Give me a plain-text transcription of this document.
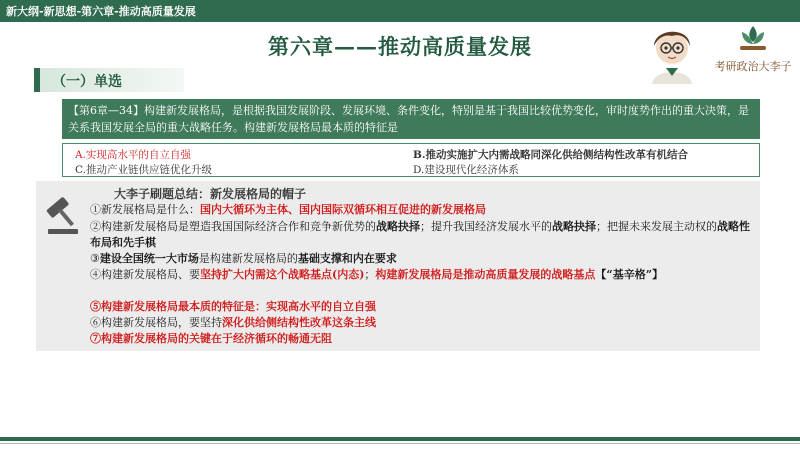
新大纲-新思想-第六章-推动高质量发展
第六章——推动高质量发展
考研政治大李子
（一）单选
【第6章—34】构建新发展格局，是根据我国发展阶段、发展环境、条件变化，特别是基于我国比较优势变化，审时度势作出的重大决策，是关系我国发展全局的重大战略任务。构建新发展格局最本质的特征是
A.实现高水平的自立自强	B.推动实施扩大内需战略同深化供给侧结构性改革有机结合
C.推动产业链供应链优化升级	D.建设现代化经济体系
大李子刷题总结：新发展格局的帽子
①新发展格局是什么：国内大循环为主体、国内国际双循环相互促进的新发展格局
②构建新发展格局是塑造我国国际经济合作和竞争新优势的战略抉择；提升我国经济发展水平的战略抉择；把握未来发展主动权的战略性布局和先手棋
③建设全国统一大市场是构建新发展格局的基础支撑和内在要求
④构建新发展格局、要坚持扩大内需这个战略基点(内态)；构建新发展格局是推动高质量发展的战略基点【“基辛格”】
⑤构建新发展格局最本质的特征是：实现高水平的自立自强
⑥构建新发展格局，要坚持深化供给侧结构性改革这条主线
⑦构建新发展格局的关键在于经济循环的畅通无阻
